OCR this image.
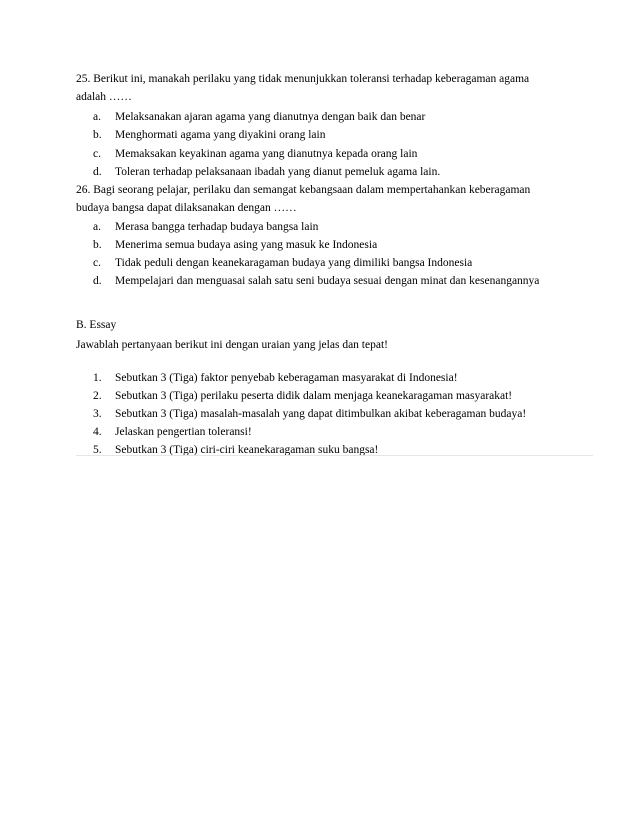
25. Berikut ini, manakah perilaku yang tidak menunjukkan toleransi terhadap keberagaman agama
adalah ……
a. Melaksanakan ajaran agama yang dianutnya dengan baik dan benar
b. Menghormati agama yang diyakini orang lain
c. Memaksakan keyakinan agama yang dianutnya kepada orang lain
d. Toleran terhadap pelaksanaan ibadah yang dianut pemeluk agama lain.
26. Bagi seorang pelajar, perilaku dan semangat kebangsaan dalam mempertahankan keberagaman
budaya bangsa dapat dilaksanakan dengan ……
a. Merasa bangga terhadap budaya bangsa lain
b. Menerima semua budaya asing yang masuk ke Indonesia
c. Tidak peduli dengan keanekaragaman budaya yang dimiliki bangsa Indonesia
d. Mempelajari dan menguasai salah satu seni budaya sesuai dengan minat dan kesenangannya
B. Essay
Jawablah pertanyaan berikut ini dengan uraian yang jelas dan tepat!
1. Sebutkan 3 (Tiga) faktor penyebab keberagaman masyarakat di Indonesia!
2. Sebutkan 3 (Tiga) perilaku peserta didik dalam menjaga keanekaragaman masyarakat!
3. Sebutkan 3 (Tiga) masalah-masalah yang dapat ditimbulkan akibat keberagaman budaya!
4. Jelaskan pengertian toleransi!
5. Sebutkan 3 (Tiga) ciri-ciri keanekaragaman suku bangsa!
